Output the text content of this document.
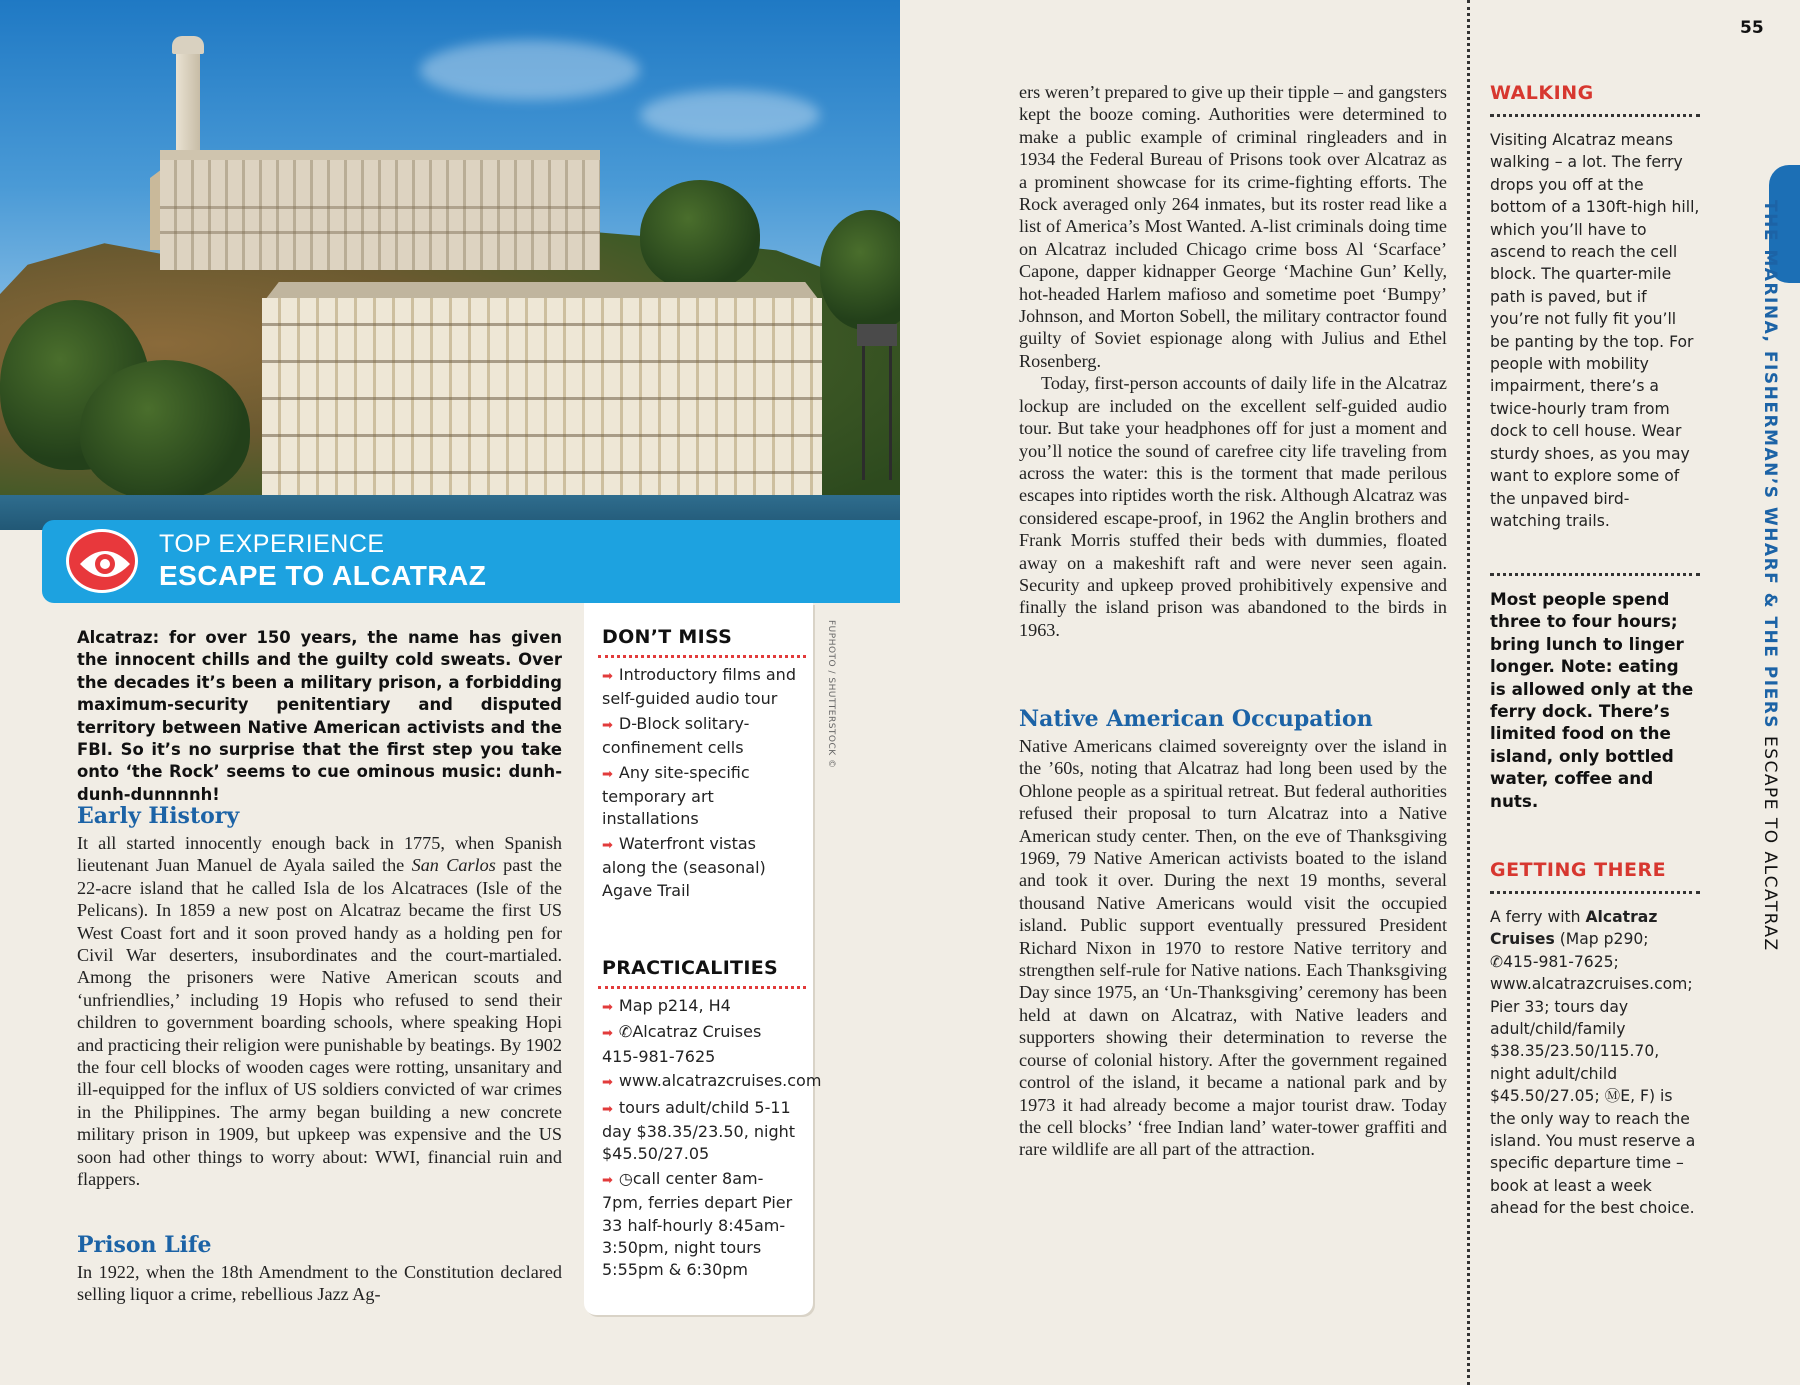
TOP EXPERIENCE
ESCAPE TO ALCATRAZ
Alcatraz: for over 150 years, the name has given the innocent chills and the guilty cold sweats. Over the decades it’s been a military prison, a forbidding maximum-security penitentiary and disputed territory between Native American activists and the FBI. So it’s no surprise that the first step you take onto ‘the Rock’ seems to cue ominous music: dunh-dunh-dunnnnh!
Early History

It all started innocently enough back in 1775, when Spanish lieutenant Juan Manuel de Ayala sailed the San Carlos past the 22-acre island that he called Isla de los Alcatraces (Isle of the Pelicans). In 1859 a new post on Alcatraz became the first US West Coast fort and it soon proved handy as a holding pen for Civil War deserters, insubordinates and the court-martialed. Among the prisoners were Native American scouts and ‘unfriendlies,’ including 19 Hopis who refused to send their children to government boarding schools, where speaking Hopi and practicing their religion were punishable by beatings. By 1902 the four cell blocks of wooden cages were rotting, unsanitary and ill-equipped for the influx of US soldiers convicted of war crimes in the Philippines. The army began building a new concrete military prison in 1909, but upkeep was expensive and the US soon had other things to worry about: WWI, financial ruin and flappers.

Prison Life
In 1922, when the 18th Amendment to the Constitution declared selling liquor a crime, rebellious Jazz Ag-
DON’T MISS
➡ Introductory films and self-guided audio tour
➡ D-Block solitary-confinement cells
➡ Any site-specific temporary art installations
➡ Waterfront vistas along the (seasonal) Agave Trail
PRACTICALITIES
➡ Map p214, H4
➡ ✆Alcatraz Cruises 415-981-7625
➡ www.alcatrazcruises.com
➡ tours adult/child 5-11 day $38.35/23.50, night $45.50/27.05
➡ ◷call center 8am-7pm, ferries depart Pier 33 half-hourly 8:45am-3:50pm, night tours 5:55pm & 6:30pm
FUPHOTO / SHUTTERSTOCK ©

ers weren’t prepared to give up their tipple – and gangsters kept the booze coming. Authorities were determined to make a public example of criminal ringleaders and in 1934 the Federal Bureau of Prisons took over Alcatraz as a prominent showcase for its crime-fighting efforts. The Rock averaged only 264 inmates, but its roster read like a list of America’s Most Wanted. A-list criminals doing time on Alcatraz included Chicago crime boss Al ‘Scarface’ Capone, dapper kidnapper George ‘Machine Gun’ Kelly, hot-headed Harlem mafioso and sometime poet ‘Bumpy’ Johnson, and Morton Sobell, the military contractor found guilty of Soviet espionage along with Julius and Ethel Rosenberg.

Today, first-person accounts of daily life in the Alcatraz lockup are included on the excellent self-guided audio tour. But take your headphones off for just a moment and you’ll notice the sound of carefree city life traveling from across the water: this is the torment that made perilous escapes into riptides worth the risk. Although Alcatraz was considered escape-proof, in 1962 the Anglin brothers and Frank Morris stuffed their beds with dummies, floated away on a makeshift raft and were never seen again. Security and upkeep proved prohibitively expensive and finally the island prison was abandoned to the birds in 1963.

Native American Occupation
Native Americans claimed sovereignty over the island in the ’60s, noting that Alcatraz had long been used by the Ohlone people as a spiritual retreat. But federal authorities refused their proposal to turn Alcatraz into a Native American study center. Then, on the eve of Thanksgiving 1969, 79 Native American activists boated to the island and took it over. During the next 19 months, several thousand Native Americans would visit the occupied island. Public support eventually pressured President Richard Nixon in 1970 to restore Native territory and strengthen self-rule for Native nations. Each Thanksgiving Day since 1975, an ‘Un-Thanksgiving’ ceremony has been held at dawn on Alcatraz, with Native leaders and supporters showing their determination to reverse the course of colonial history. After the government regained control of the island, it became a national park and by 1973 it had already become a major tourist draw. Today the cell blocks’ ‘free Indian land’ water-tower graffiti and rare wildlife are all part of the attraction.
55
WALKING
Visiting Alcatraz means walking – a lot. The ferry drops you off at the bottom of a 130ft-high hill, which you’ll have to ascend to reach the cell block. The quarter-mile path is paved, but if you’re not fully fit you’ll be panting by the top. For people with mobility impairment, there’s a twice-hourly tram from dock to cell house. Wear sturdy shoes, as you may want to explore some of the unpaved bird-watching trails.
Most people spend three to four hours; bring lunch to linger longer. Note: eating is allowed only at the ferry dock. There’s limited food on the island, only bottled water, coffee and nuts.
GETTING THERE
A ferry with Alcatraz Cruises (Map p290; ✆415-981-7625; www.alcatrazcruises.com; Pier 33; tours day adult/child/family $38.35/23.50/115.70, night adult/child $45.50/27.05; ⓂE, F) is the only way to reach the island. You must reserve a specific departure time – book at least a week ahead for the best choice.
THE MARINA, FISHERMAN’S WHARF & THE PIERS ESCAPE TO ALCATRAZ
